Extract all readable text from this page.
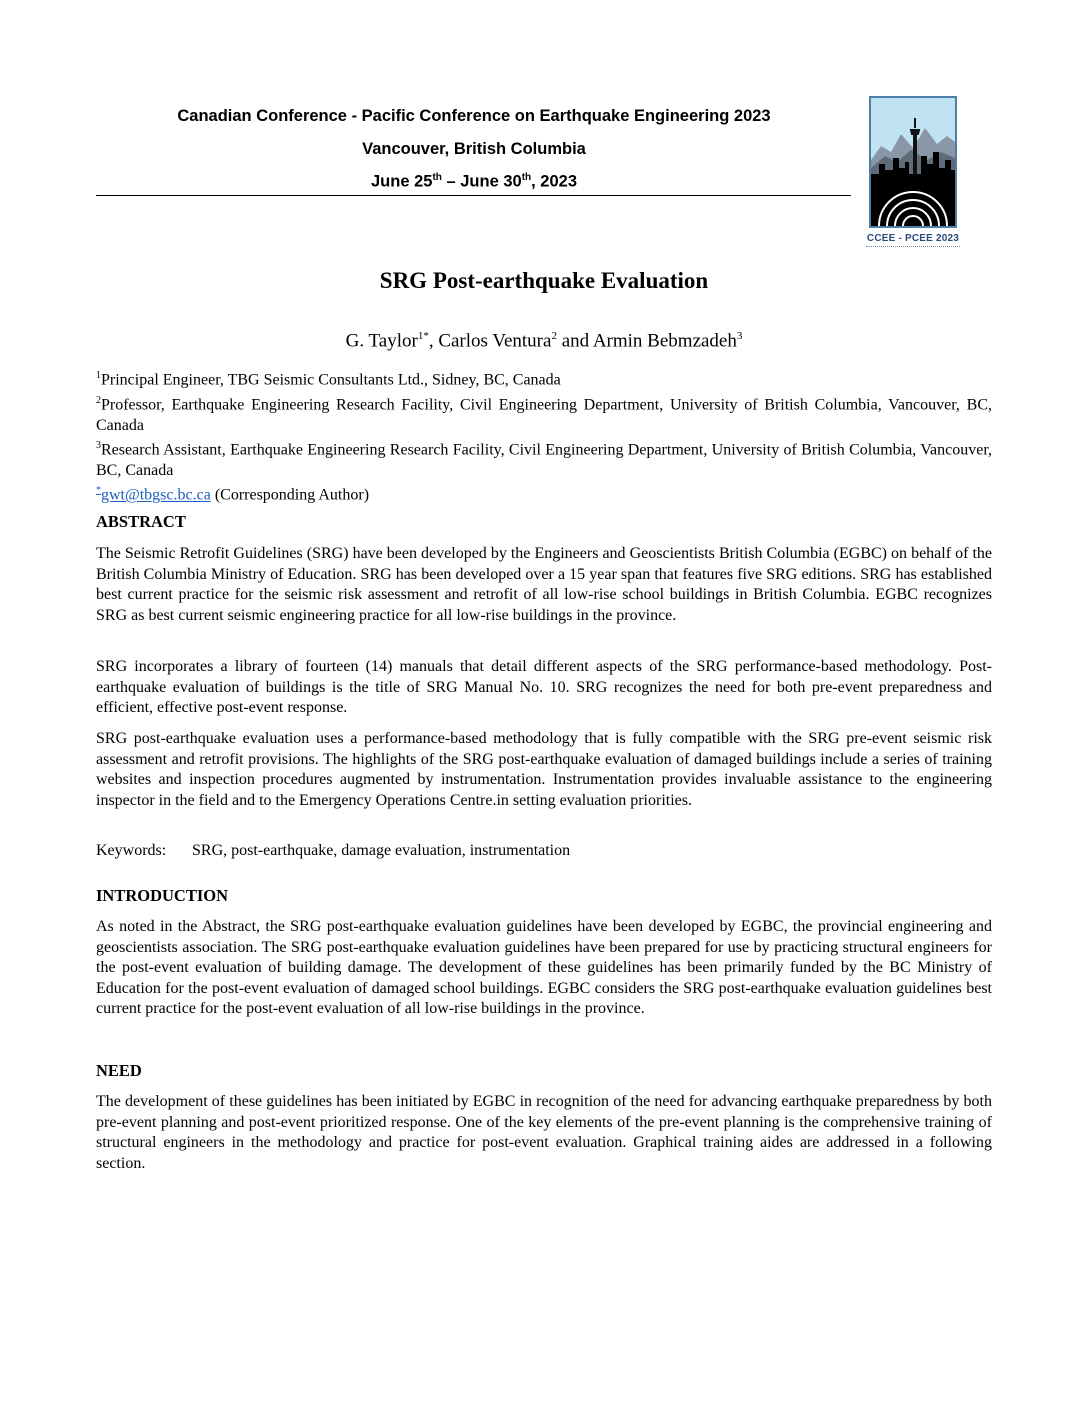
Canadian Conference - Pacific Conference on Earthquake Engineering 2023
Vancouver, British Columbia
June 25th – June 30th, 2023
CCEE - PCEE 2023
SRG Post-earthquake Evaluation
G. Taylor$^{1*}$, Carlos Ventura$^2$ and Armin Bebmzadeh$^3$

$^1$Principal Engineer, TBG Seismic Consultants Ltd., Sidney, BC, Canada

$^2$Professor, Earthquake Engineering Research Facility, Civil Engineering Department, University of British Columbia, Vancouver, BC, Canada

$^3$Research Assistant, Earthquake Engineering Research Facility, Civil Engineering Department, University of British Columbia, Vancouver, BC, Canada

*gwt@tbgsc.bc.ca (Corresponding Author)

ABSTRACT

The Seismic Retrofit Guidelines (SRG) have been developed by the Engineers and Geoscientists British Columbia (EGBC) on behalf of the British Columbia Ministry of Education. SRG has been developed over a 15 year span that features five SRG editions. SRG has established best current practice for the seismic risk assessment and retrofit of all low-rise school buildings in British Columbia. EGBC recognizes SRG as best current seismic engineering practice for all low-rise buildings in the province.

SRG incorporates a library of fourteen (14) manuals that detail different aspects of the SRG performance-based methodology. Post-earthquake evaluation of buildings is the title of SRG Manual No. 10. SRG recognizes the need for both pre-event preparedness and efficient, effective post-event response.

SRG post-earthquake evaluation uses a performance-based methodology that is fully compatible with the SRG pre-event seismic risk assessment and retrofit provisions. The highlights of the SRG post-earthquake evaluation of damaged buildings include a series of training websites and inspection procedures augmented by instrumentation. Instrumentation provides invaluable assistance to the engineering inspector in the field and to the Emergency Operations Centre.in setting evaluation priorities.

Keywords: SRG, post-earthquake, damage evaluation, instrumentation
INTRODUCTION

As noted in the Abstract, the SRG post-earthquake evaluation guidelines have been developed by EGBC, the provincial engineering and geoscientists association. The SRG post-earthquake evaluation guidelines have been prepared for use by practicing structural engineers for the post-event evaluation of building damage. The development of these guidelines has been primarily funded by the BC Ministry of Education for the post-event evaluation of damaged school buildings. EGBC considers the SRG post-earthquake evaluation guidelines best current practice for the post-event evaluation of all low-rise buildings in the province.

NEED

The development of these guidelines has been initiated by EGBC in recognition of the need for advancing earthquake preparedness by both pre-event planning and post-event prioritized response. One of the key elements of the pre-event planning is the comprehensive training of structural engineers in the methodology and practice for post-event evaluation. Graphical training aides are addressed in a following section.
